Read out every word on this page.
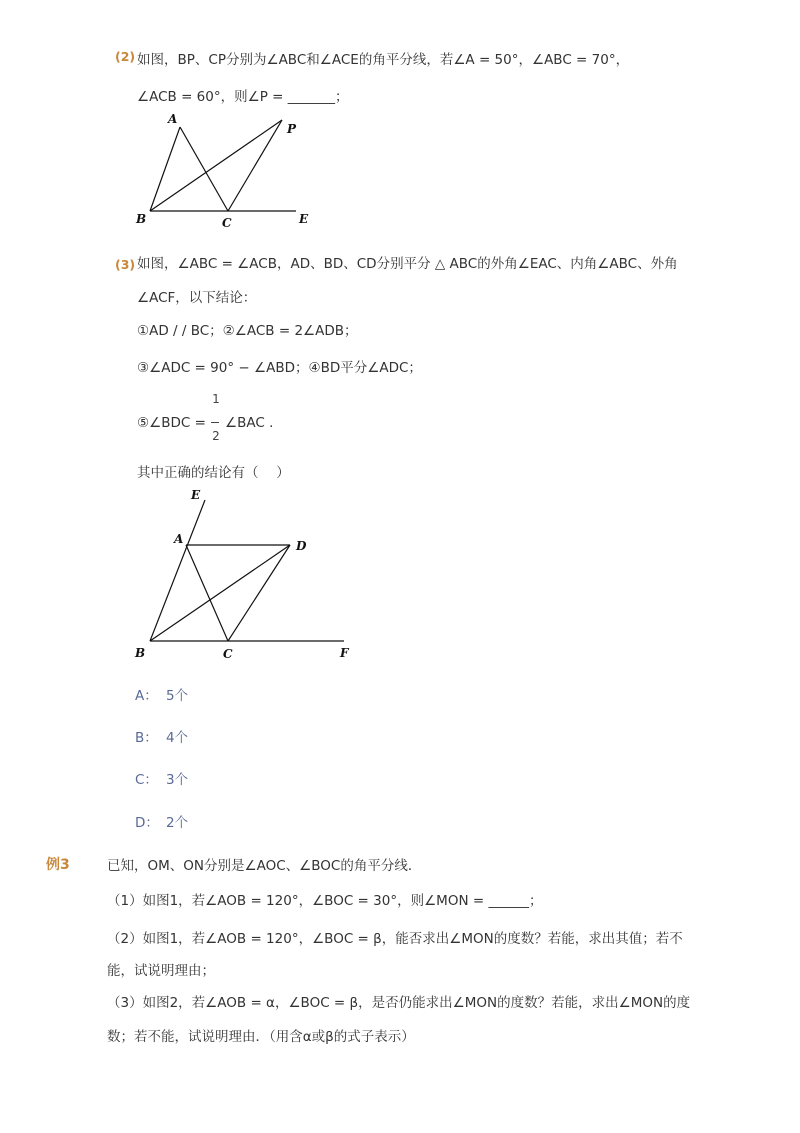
(2) 如图，BP、CP分别为∠ABC和∠ACE的角平分线，若∠A = 50°，∠ABC = 70°，
∠ACB = 60°，则∠P = _______；
A
P
B	C	E
E
A	D
B	C	F
(3) 如图，∠ABC = ∠ACB，AD、BD、CD分别平分 △ ABC的外角∠EAC、内角∠ABC、外角
∠ACF，以下结论：
①AD / / BC；②∠ACB = 2∠ADB；
③∠ADC = 90° − ∠ABD；④BD平分∠ADC；
⑤∠BDC =
1
2
∠BAC .
其中正确的结论有（　 ）
A： 5个
B： 4个
C： 3个
D： 2个
例3	已知，OM、ON分别是∠AOC、∠BOC的角平分线．
（1）如图1，若∠AOB = 120°，∠BOC = 30°，则∠MON = ______；
（2）如图1，若∠AOB = 120°，∠BOC = β，能否求出∠MON的度数？若能，求出其值；若不
能，试说明理由；
（3）如图2，若∠AOB = α，∠BOC = β，是否仍能求出∠MON的度数？若能，求出∠MON的度
数；若不能，试说明理由．（用含α或β的式子表示）
